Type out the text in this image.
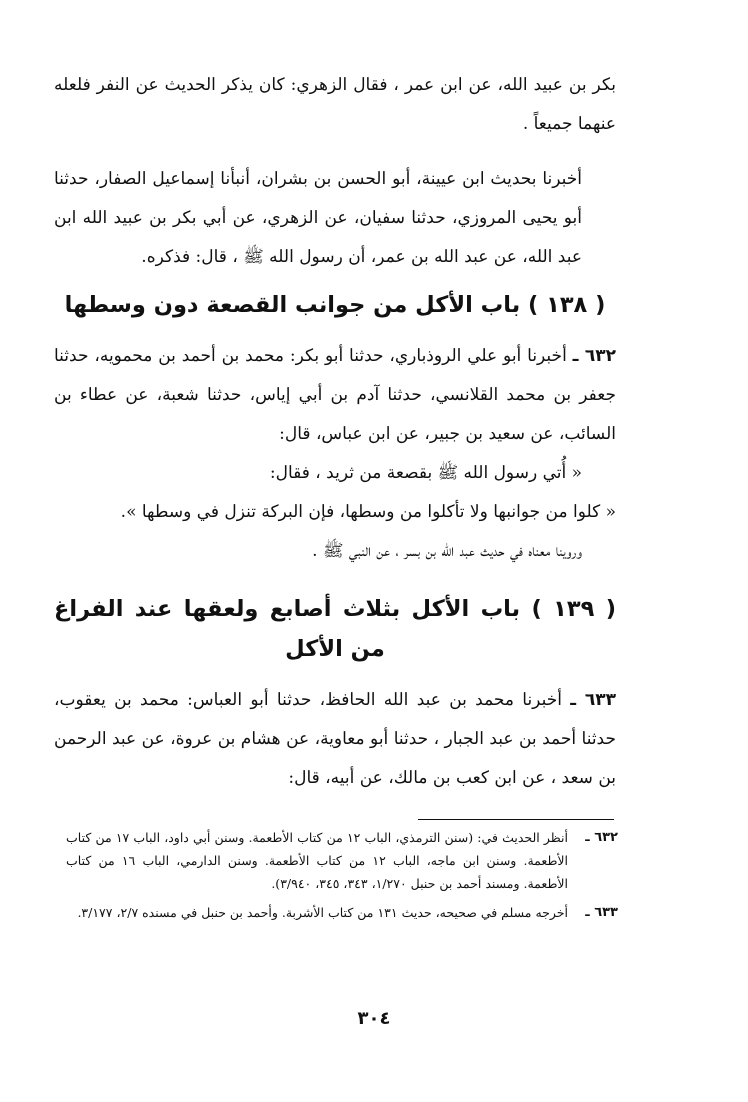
بكر بن عبيد الله، عن ابن عمر ، فقال الزهري: كان يذكر الحديث عن النفر فلعله عنهما جميعاً .

أخبرنا بحديث ابن عيينة، أبو الحسن بن بشران، أنبأنا إسماعيل الصفار، حدثنا أبو يحيى المروزي، حدثنا سفيان، عن الزهري، عن أبي بكر بن عبيد الله ابن عبد الله، عن عبد الله بن عمر، أن رسول الله ﷺ ، قال: فذكره.

( ١٣٨ ) باب الأكل من جوانب القصعة دون وسطها

٦٣٢ ـ أخبرنا أبو علي الروذباري، حدثنا أبو بكر: محمد بن أحمد بن محمويه، حدثنا جعفر بن محمد القلانسي، حدثنا آدم بن أبي إياس، حدثنا شعبة، عن عطاء بن السائب، عن سعيد بن جبير، عن ابن عباس، قال:

« أُتي رسول الله ﷺ بقصعة من ثريد ، فقال:

« كلوا من جوانبها ولا تأكلوا من وسطها، فإن البركة تنزل في وسطها ».

وروينا معناه في حديث عبد الله بن بسر ، عن النبي ﷺ .

( ١٣٩ ) باب الأكل بثلاث أصابع ولعقها عند الفراغ من الأكل

٦٣٣ ـ أخبرنا محمد بن عبد الله الحافظ، حدثنا أبو العباس: محمد بن يعقوب، حدثنا أحمد بن عبد الجبار ، حدثنا أبو معاوية، عن هشام بن عروة، عن عبد الرحمن بن سعد ، عن ابن كعب بن مالك، عن أبيه، قال:

٦٣٢ ـ
أنظر الحديث في: (سنن الترمذي، الباب ١٢ من كتاب الأطعمة. وسنن أبي داود، الباب ١٧ من كتاب الأطعمة. وسنن ابن ماجه، الباب ١٢ من كتاب الأطعمة. وسنن الدارمي، الباب ١٦ من كتاب الأطعمة. ومسند أحمد بن حنبل ١/٢٧٠، ٣٤٣، ٣٤٥، ٣/٩٤٠).
٦٣٣ ـ
أخرجه مسلم في صحيحه، حديث ١٣١ من كتاب الأشربة. وأحمد بن حنبل في مسنده ٢/٧، ٣/١٧٧.
٣٠٤
